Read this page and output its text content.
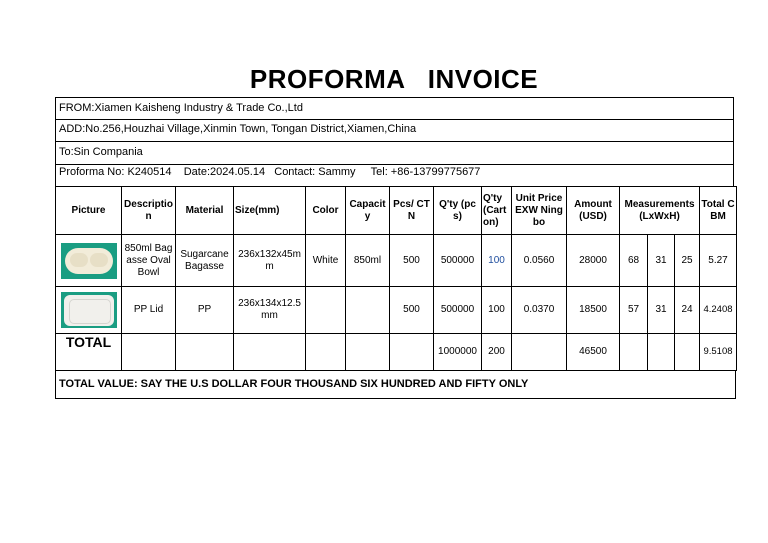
PROFORMA   INVOICE
FROM:Xiamen Kaisheng Industry & Trade Co.,Ltd
ADD:No.256,Houzhai Village,Xinmin Town, Tongan District,Xiamen,China
To:Sin Compania
Proforma No: K240514    Date:2024.05.14   Contact: Sammy     Tel: +86-13799775677
Picture	Description	Material	Size(mm)	Color	Capacity	Pcs/ CTN	Q'ty (pcs)	Q'ty (Carton)	Unit Price EXW Ningbo	Amount (USD)	Measurements(LxWxH)			Total CBM

	850ml Bagasse Oval Bowl	Sugarcane Bagasse	236x132x45mm	White	850ml	500	500000	100	0.0560	28000	68	31	25	5.27

	PP Lid	PP	236x134x12.5mm			500	500000	100	0.0370	18500	57	31	24	4.2408
TOTAL							1000000	200		46500				9.5108
TOTAL VALUE: SAY THE U.S DOLLAR FOUR THOUSAND SIX HUNDRED AND FIFTY ONLY
